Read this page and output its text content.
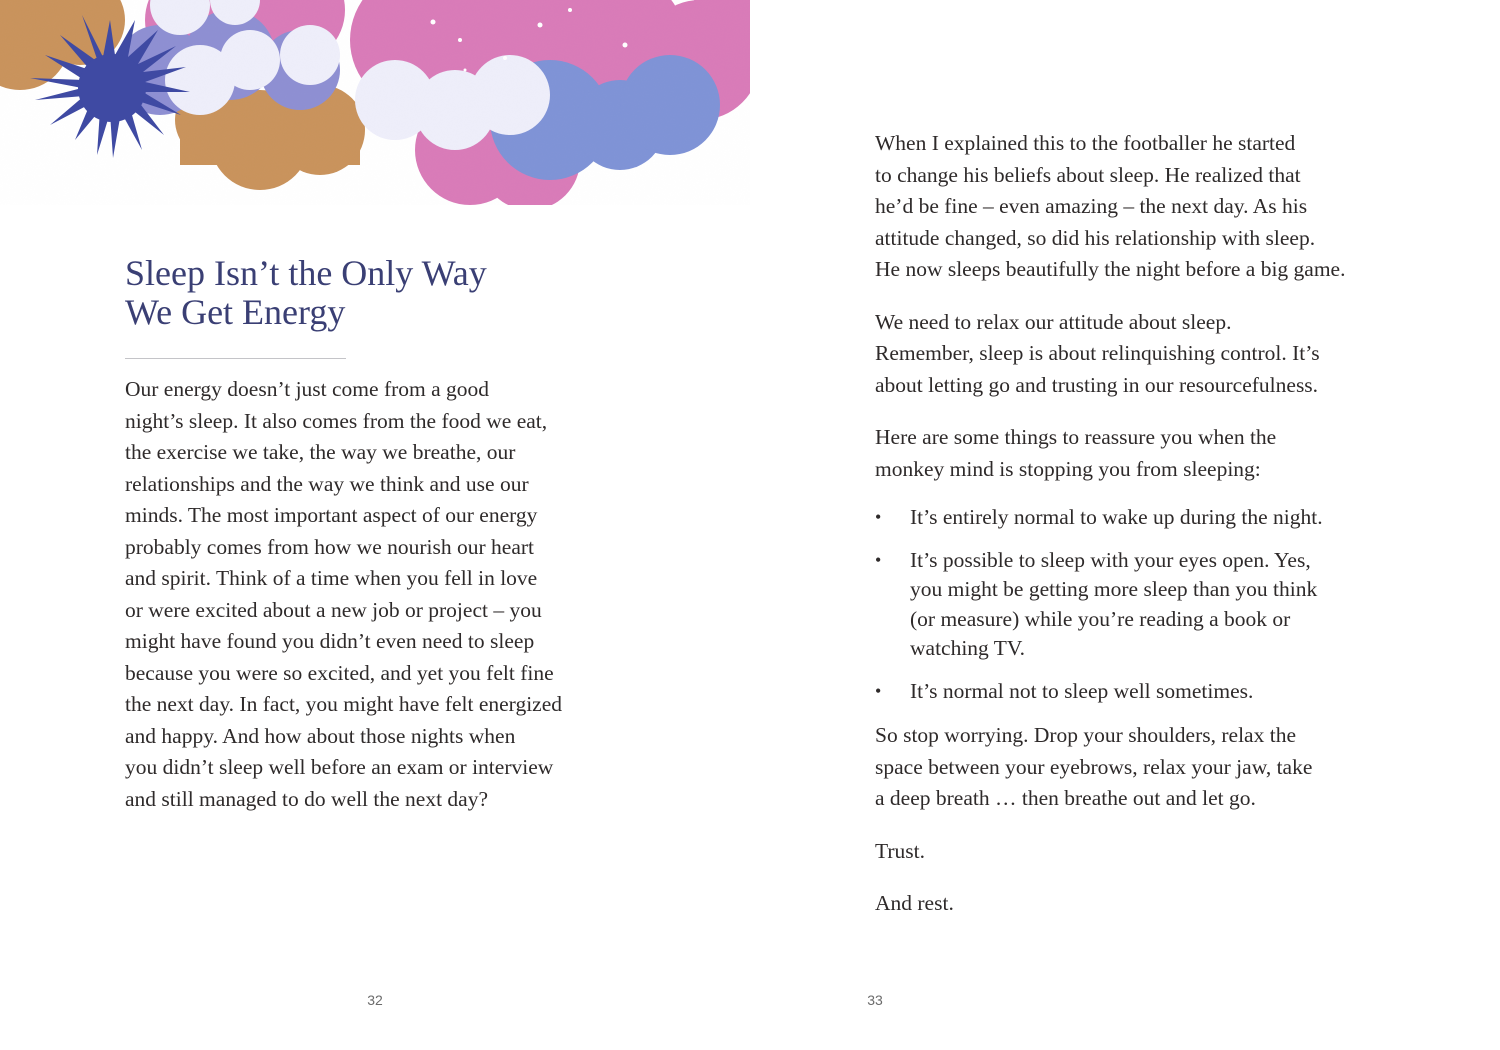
Sleep Isn’t the Only Way
We Get Energy

Our energy doesn’t just come from a good
night’s sleep. It also comes from the food we eat,
the exercise we take, the way we breathe, our
relationships and the way we think and use our
minds. The most important aspect of our energy
probably comes from how we nourish our heart
and spirit. Think of a time when you fell in love
or were excited about a new job or project – you
might have found you didn’t even need to sleep
because you were so excited, and yet you felt fine
the next day. In fact, you might have felt energized
and happy. And how about those nights when
you didn’t sleep well before an exam or interview
and still managed to do well the next day?

32

When I explained this to the footballer he started
to change his beliefs about sleep. He realized that
he’d be fine – even amazing – the next day. As his
attitude changed, so did his relationship with sleep.
He now sleeps beautifully the night before a big game.

We need to relax our attitude about sleep.
Remember, sleep is about relinquishing control. It’s
about letting go and trusting in our resourcefulness.

Here are some things to reassure you when the
monkey mind is stopping you from sleeping:

• It’s entirely normal to wake up during the night.
• It’s possible to sleep with your eyes open. Yes,
you might be getting more sleep than you think
(or measure) while you’re reading a book or
watching TV.
• It’s normal not to sleep well sometimes.

So stop worrying. Drop your shoulders, relax the
space between your eyebrows, relax your jaw, take
a deep breath … then breathe out and let go.

Trust.

And rest.

33
